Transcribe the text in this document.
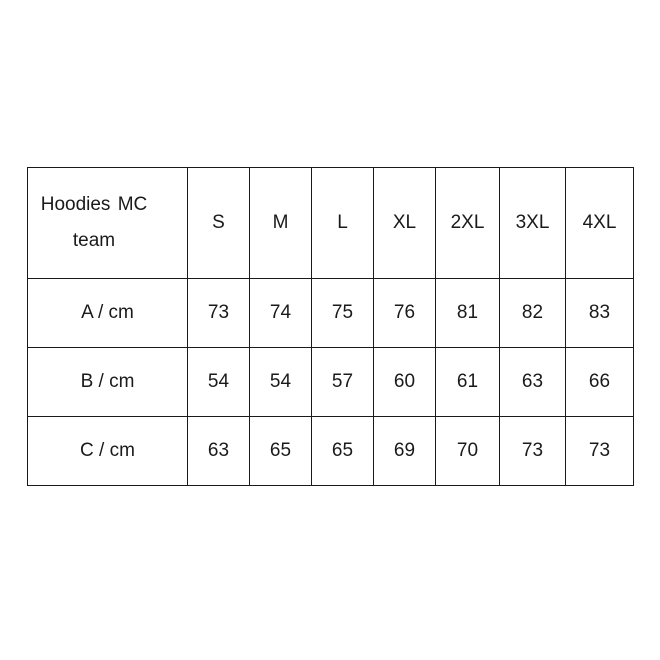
Hoodies MC team	S	M	L	XL	2XL	3XL	4XL
A / cm	73	74	75	76	81	82	83
B / cm	54	54	57	60	61	63	66
C / cm	63	65	65	69	70	73	73
